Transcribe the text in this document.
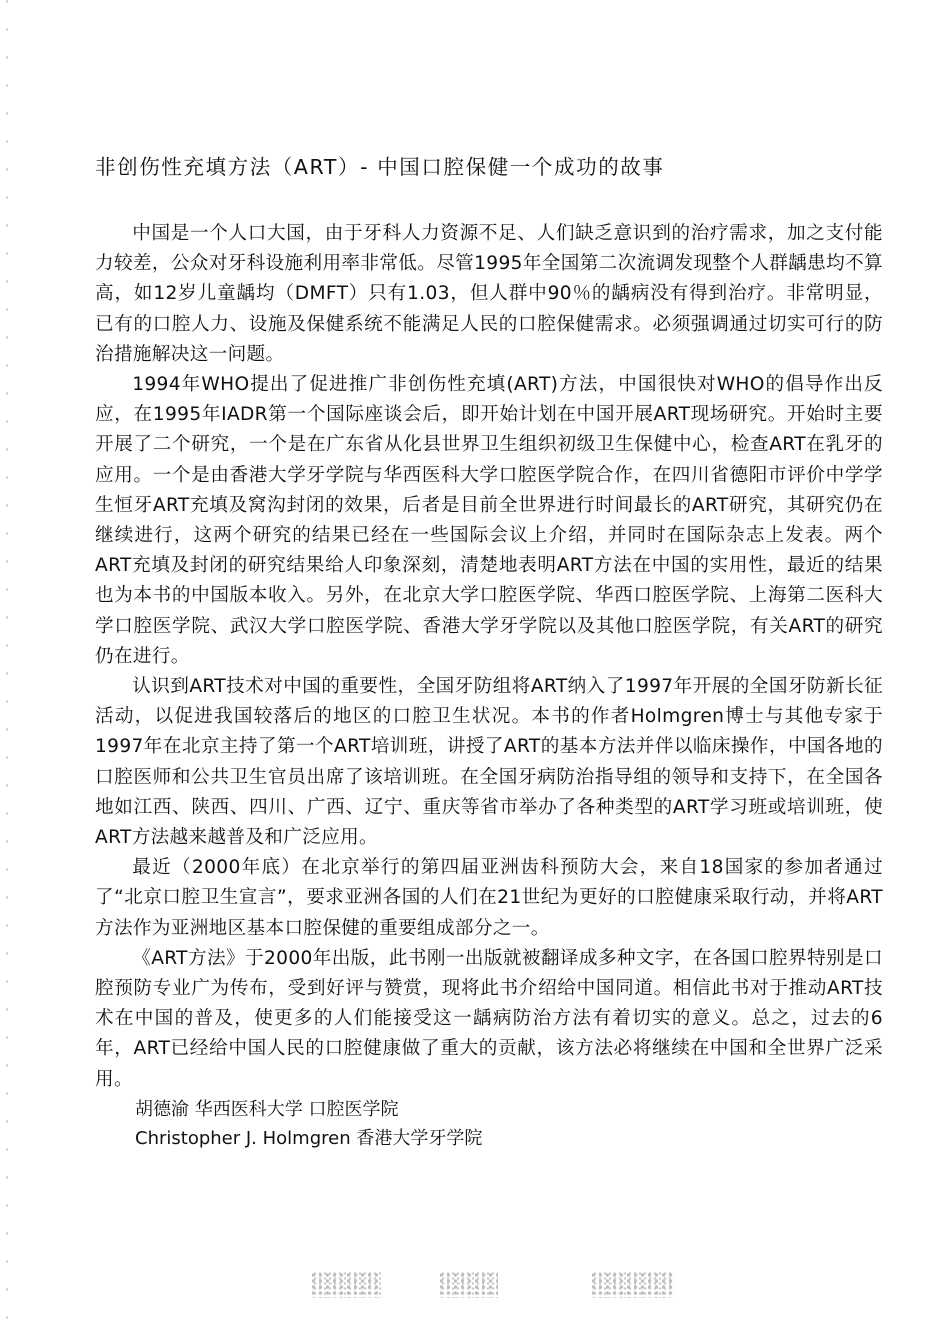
非创伤性充填方法（ART）- 中国口腔保健一个成功的故事

中国是一个人口大国，由于牙科人力资源不足、人们缺乏意识到的治疗需求，加之支付能力较差，公众对牙科设施利用率非常低。尽管1995年全国第二次流调发现整个人群龋患均不算高，如12岁儿童龋均（DMFT）只有1.03，但人群中90％的龋病没有得到治疗。非常明显，已有的口腔人力、设施及保健系统不能满足人民的口腔保健需求。必须强调通过切实可行的防治措施解决这一问题。

1994年WHO提出了促进推广非创伤性充填(ART)方法，中国很快对WHO的倡导作出反应，在1995年IADR第一个国际座谈会后，即开始计划在中国开展ART现场研究。开始时主要开展了二个研究，一个是在广东省从化县世界卫生组织初级卫生保健中心，检查ART在乳牙的应用。一个是由香港大学牙学院与华西医科大学口腔医学院合作，在四川省德阳市评价中学学生恒牙ART充填及窝沟封闭的效果，后者是目前全世界进行时间最长的ART研究，其研究仍在继续进行，这两个研究的结果已经在一些国际会议上介绍，并同时在国际杂志上发表。两个ART充填及封闭的研究结果给人印象深刻，清楚地表明ART方法在中国的实用性，最近的结果也为本书的中国版本收入。另外，在北京大学口腔医学院、华西口腔医学院、上海第二医科大学口腔医学院、武汉大学口腔医学院、香港大学牙学院以及其他口腔医学院，有关ART的研究仍在进行。

认识到ART技术对中国的重要性，全国牙防组将ART纳入了1997年开展的全国牙防新长征活动，以促进我国较落后的地区的口腔卫生状况。本书的作者Holmgren博士与其他专家于1997年在北京主持了第一个ART培训班，讲授了ART的基本方法并伴以临床操作，中国各地的口腔医师和公共卫生官员出席了该培训班。在全国牙病防治指导组的领导和支持下，在全国各地如江西、陕西、四川、广西、辽宁、重庆等省市举办了各种类型的ART学习班或培训班，使ART方法越来越普及和广泛应用。

最近（2000年底）在北京举行的第四届亚洲齿科预防大会，来自18国家的参加者通过了“北京口腔卫生宣言”，要求亚洲各国的人们在21世纪为更好的口腔健康采取行动，并将ART方法作为亚洲地区基本口腔保健的重要组成部分之一。

《ART方法》于2000年出版，此书刚一出版就被翻译成多种文字，在各国口腔界特别是口腔预防专业广为传布，受到好评与赞赏，现将此书介绍给中国同道。相信此书对于推动ART技术在中国的普及，使更多的人们能接受这一龋病防治方法有着切实的意义。总之，过去的6年，ART已经给中国人民的口腔健康做了重大的贡献，该方法必将继续在中国和全世界广泛采用。

胡德渝 华西医科大学 口腔医学院

Christopher J. Holmgren 香港大学牙学院
